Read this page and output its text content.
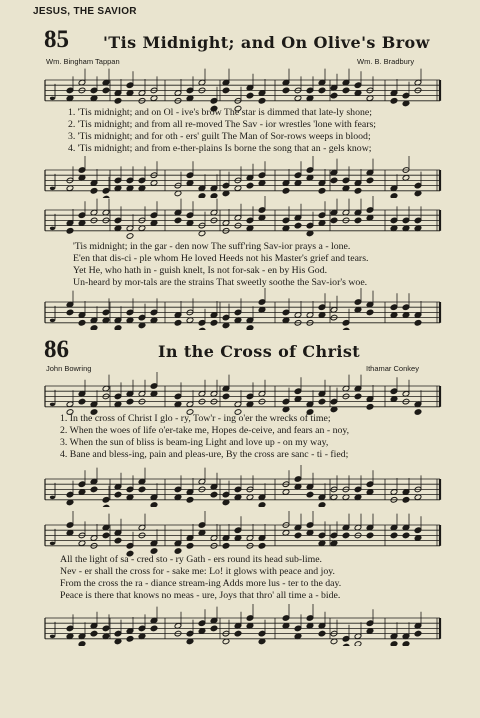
JESUS, THE SAVIOR
85 'Tis Midnight; and On Olive's Brow
Wm. Bingham Tappan	Wm. B. Bradbury
♩
1. 'Tis midnight; and on Ol - ive's brow The star is dimmed that late-ly shone;
2. 'Tis midnight; and from all re-moved The Sav - ior wrestles 'lone with fears;
3. 'Tis midnight; and for oth - ers' guilt The Man of Sor-rows weeps in blood;
4. 'Tis midnight; and from e-ther-plains Is borne the song that an - gels know;
♩
♩
'Tis midnight; in the gar - den now The suff'ring Sav-ior prays a - lone.
E'en that dis-ci - ple whom He loved Heeds not his Master's grief and tears.
Yet He, who hath in - guish knelt, Is not for-sak - en by His God.
Un-heard by mor-tals are the strains That sweetly soothe the Sav-ior's woe.
♩
86	In the Cross of Christ
John Bowring	Ithamar Conkey
♩
1. In the cross of Christ I glo - ry, Tow'r - ing o'er the wrecks of time;
2. When the woes of life o'er-take me, Hopes de-ceive, and fears an - noy,
3. When the sun of bliss is beam-ing Light and love up - on my way,
4. Bane and bless-ing, pain and pleas-ure, By the cross are sanc - ti - fied;
♩
♩
All the light of sa - cred sto - ry Gath - ers round its head sub-lime.
Nev - er shall the cross for - sake me: Lo! it glows with peace and joy.
From the cross the ra - diance stream-ing Adds more lus - ter to the day.
Peace is there that knows no meas - ure, Joys that thro' all time a - bide.
♩
